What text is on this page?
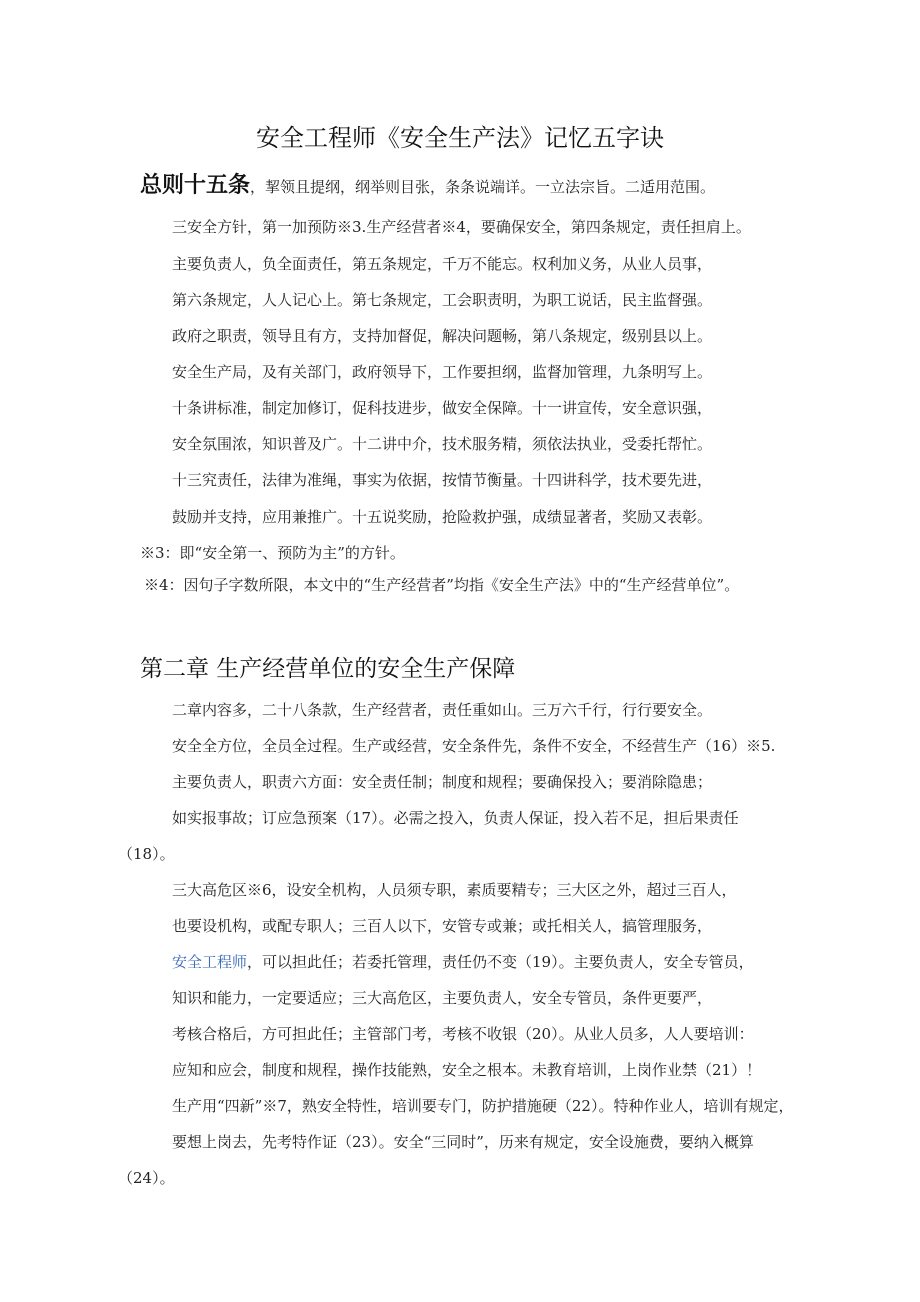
安全工程师《安全生产法》记忆五字诀
总则十五条，挈领且提纲，纲举则目张，条条说端详。一立法宗旨。二适用范围。
三安全方针，第一加预防※3.生产经营者※4，要确保安全，第四条规定，责任担肩上。
主要负责人，负全面责任，第五条规定，千万不能忘。权利加义务，从业人员事，
第六条规定，人人记心上。第七条规定，工会职责明，为职工说话，民主监督强。
政府之职责，领导且有方，支持加督促，解决问题畅，第八条规定，级别县以上。
安全生产局，及有关部门，政府领导下，工作要担纲，监督加管理，九条明写上。
十条讲标准，制定加修订，促科技进步，做安全保障。十一讲宣传，安全意识强，
安全氛围浓，知识普及广。十二讲中介，技术服务精，须依法执业，受委托帮忙。
十三究责任，法律为准绳，事实为依据，按情节衡量。十四讲科学，技术要先进，
鼓励并支持，应用兼推广。十五说奖励，抢险救护强，成绩显著者，奖励又表彰。
※3：即“安全第一、预防为主”的方针。
※4：因句子字数所限，本文中的“生产经营者”均指《安全生产法》中的“生产经营单位”。
第二章 生产经营单位的安全生产保障
二章内容多，二十八条款，生产经营者，责任重如山。三万六千行，行行要安全。
安全全方位，全员全过程。生产或经营，安全条件先，条件不安全，不经营生产（16）※5.
主要负责人，职责六方面：安全责任制；制度和规程；要确保投入；要消除隐患；
如实报事故；订应急预案（17）。必需之投入，负责人保证，投入若不足，担后果责任
（18）。
三大高危区※6，设安全机构，人员须专职，素质要精专；三大区之外，超过三百人，
也要设机构，或配专职人；三百人以下，安管专或兼；或托相关人，搞管理服务，
安全工程师，可以担此任；若委托管理，责任仍不变（19）。主要负责人，安全专管员，
知识和能力，一定要适应；三大高危区，主要负责人，安全专管员，条件更要严，
考核合格后，方可担此任；主管部门考，考核不收银（20）。从业人员多，人人要培训：
应知和应会，制度和规程，操作技能熟，安全之根本。未教育培训，上岗作业禁（21）！
生产用“四新”※7，熟安全特性，培训要专门，防护措施硬（22）。特种作业人，培训有规定，
要想上岗去，先考特作证（23）。安全“三同时”，历来有规定，安全设施费，要纳入概算
（24）。
